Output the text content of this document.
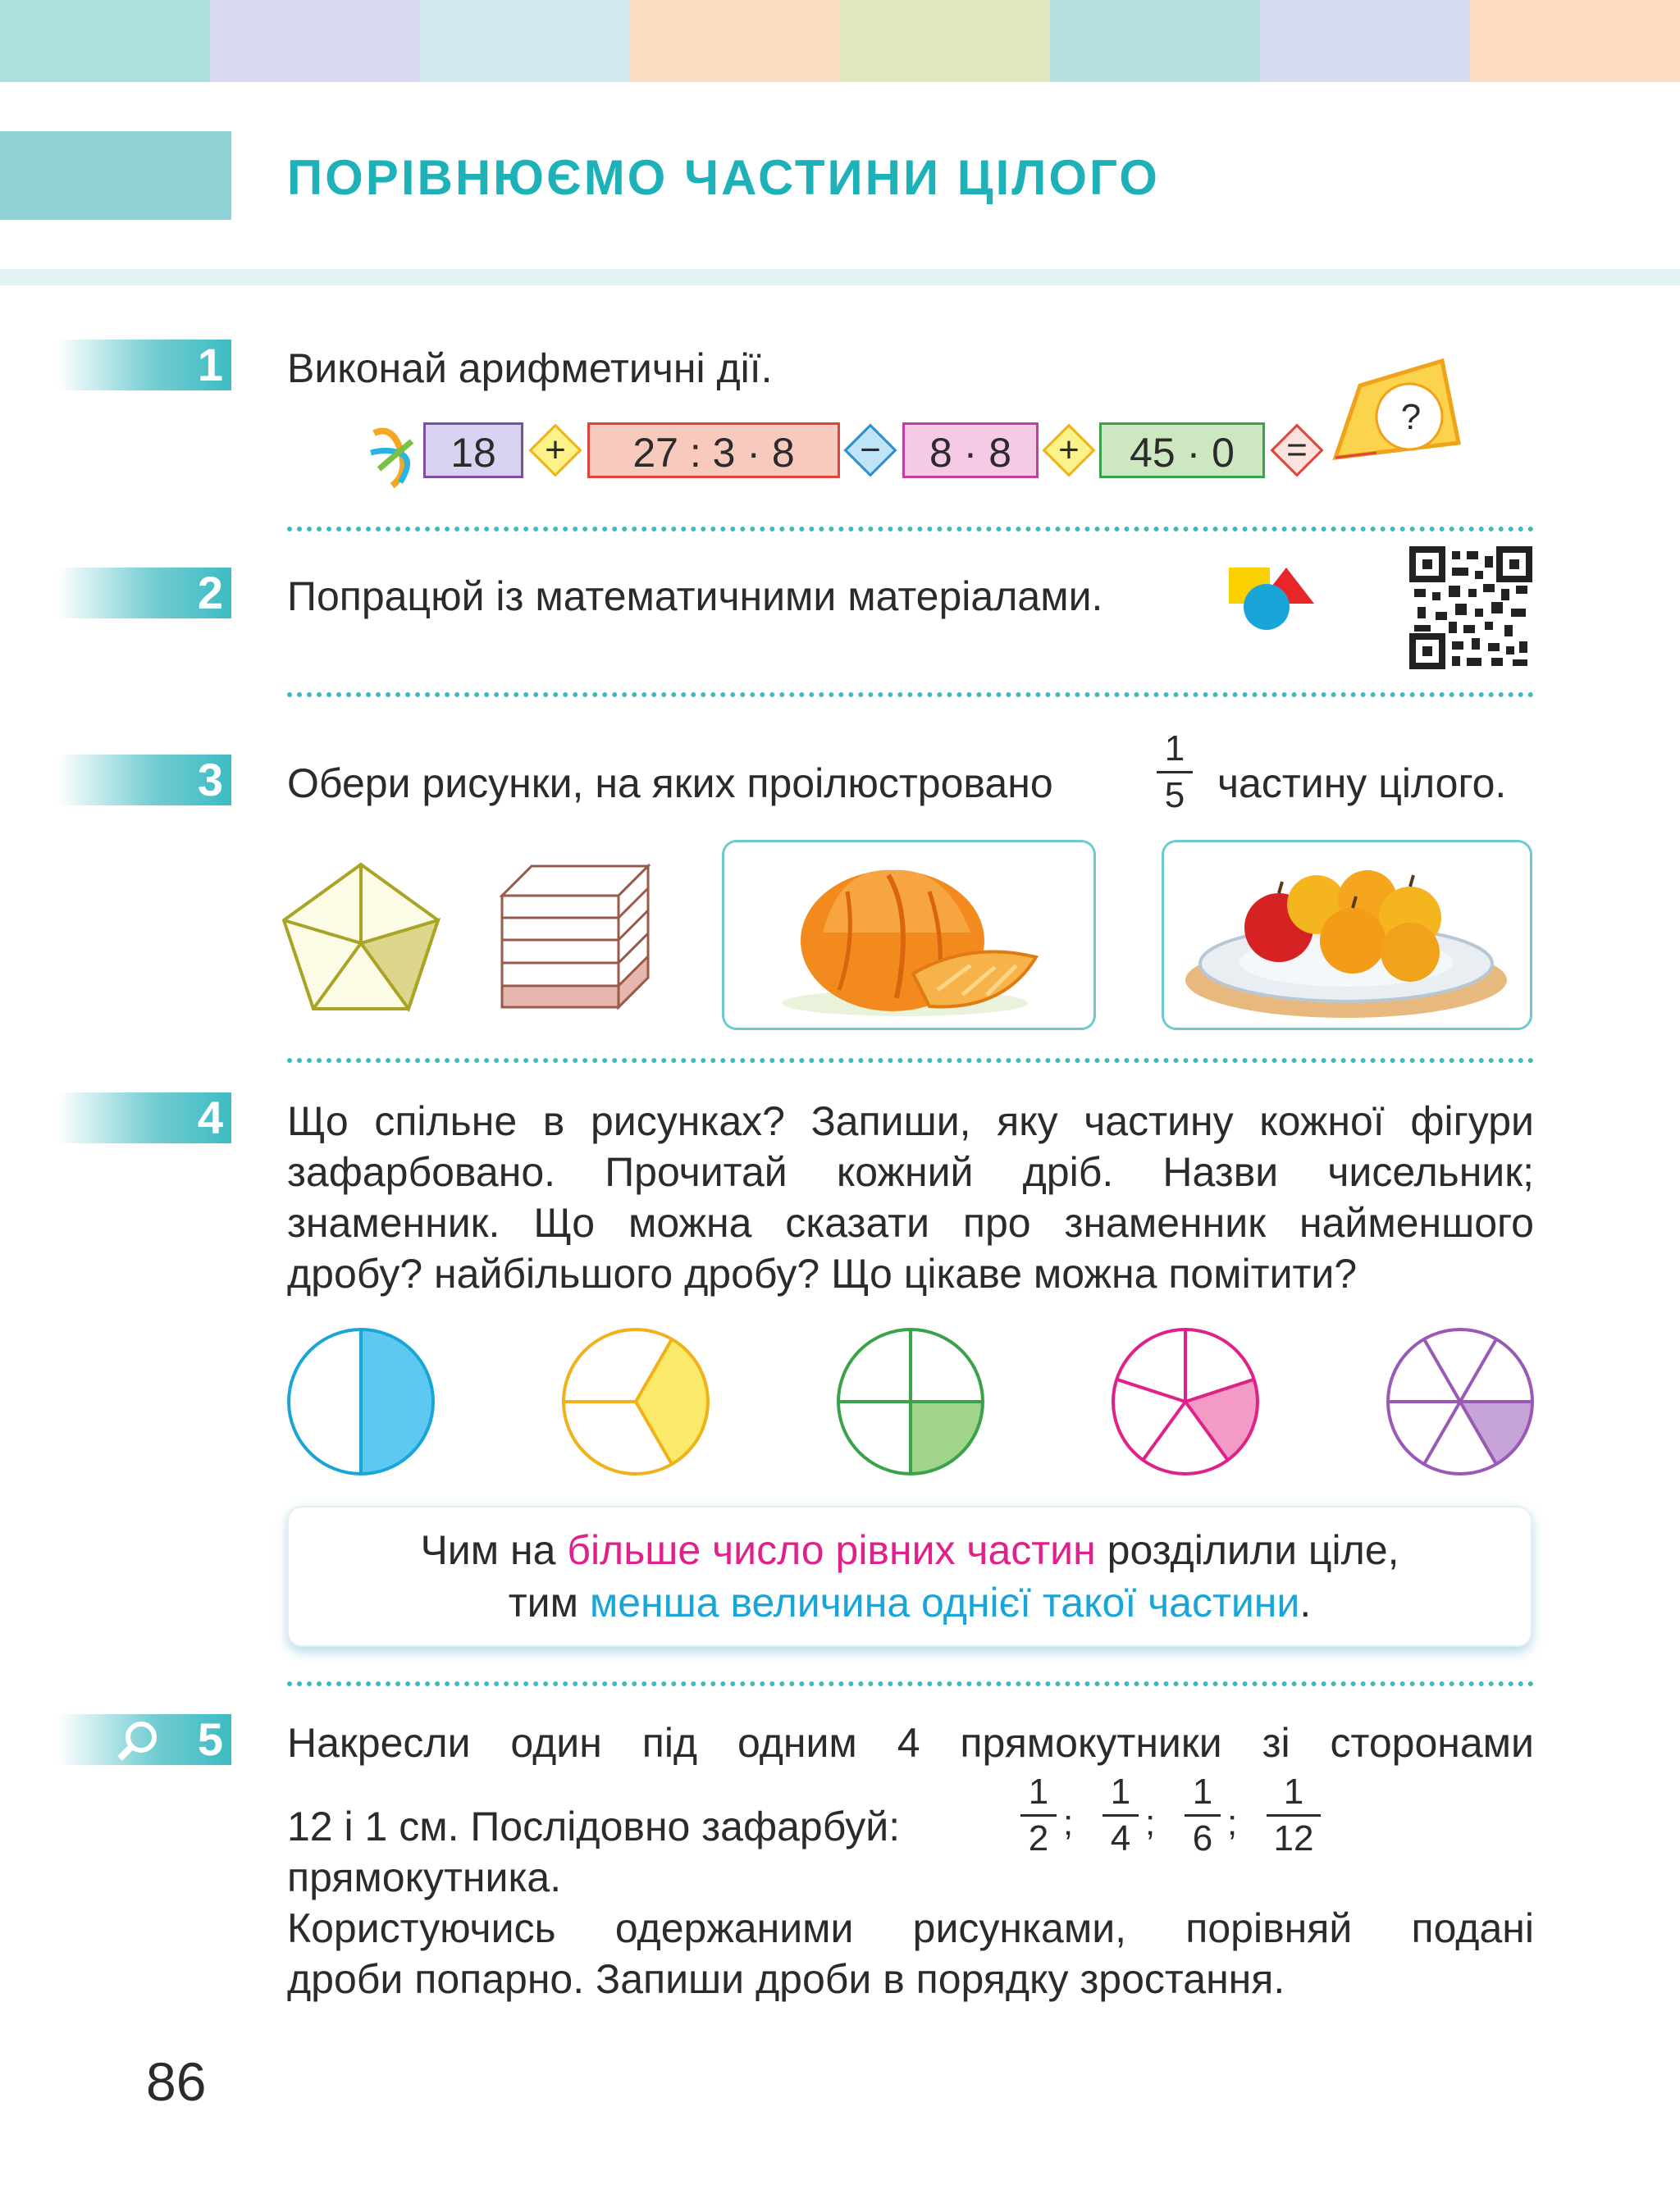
ПОРІВНЮЄМО ЧАСТИНИ ЦІЛОГО
1 Виконай арифметичні дії.
18	+	27 : 3 · 8	−	8 · 8	+	45 · 0	=
?
2 Попрацюй із математичними матеріалами.
3 Обери рисунки, на яких проілюстровано
1
5 частину цілого.
4 Що спільне в рисунках? Запиши, яку частину кожної фігури
зафарбовано. Прочитай кожний дріб. Назви чисельник;
знаменник. Що можна сказати про знаменник найменшого
дробу? найбільшого дробу? Що цікаве можна помітити?
Чим на більше число рівних частин розділили ціле,
тим менша величина однієї такої частини.
5 Накресли один під одним 4 прямокутники зі сторонами
12 і 1 см. Послідовно зафарбуй:
1
2 ;
1
4 ;
1
6 ;
1
12
прямокутника.
Користуючись одержаними рисунками, порівняй подані
дроби попарно. Запиши дроби в порядку зростання.
86
